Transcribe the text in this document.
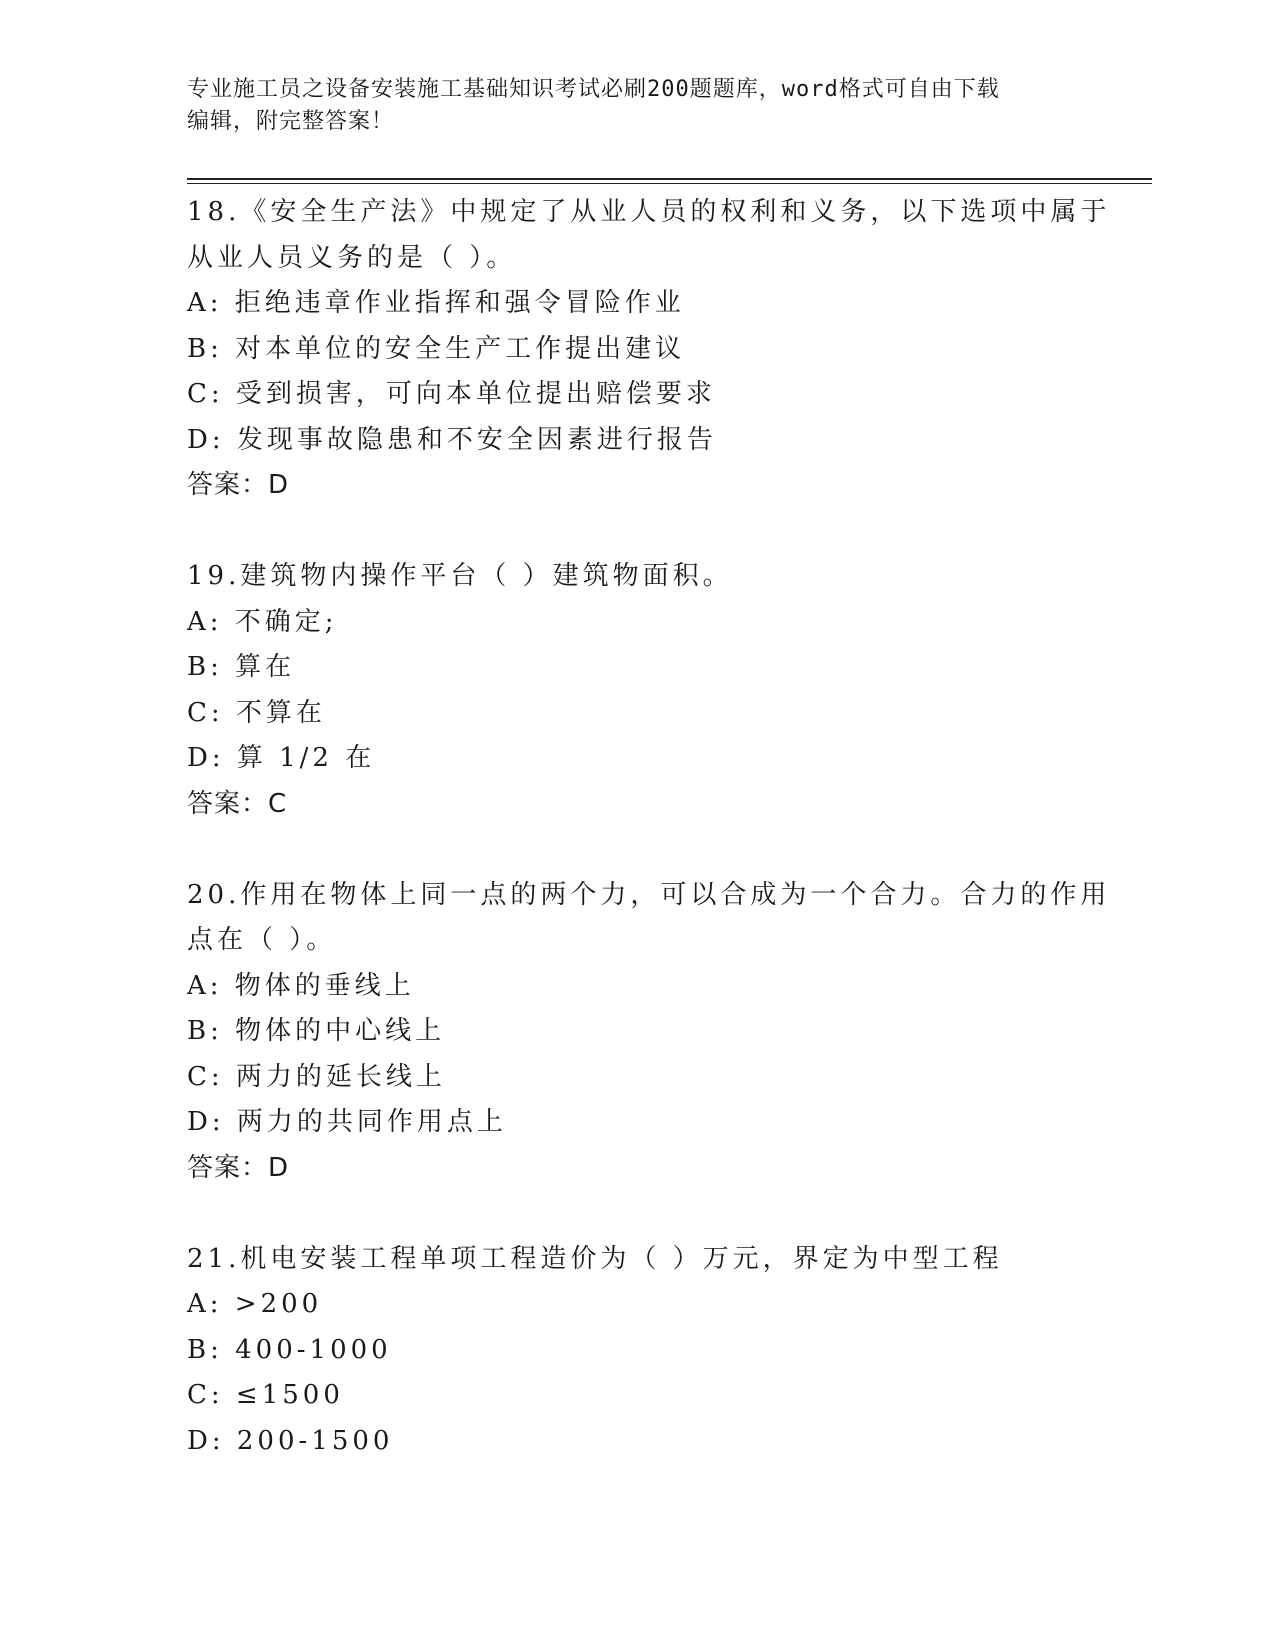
专业施工员之设备安装施工基础知识考试必刷200题题库，word格式可自由下载
编辑，附完整答案！
18.《安全生产法》中规定了从业人员的权利和义务，以下选项中属于
从业人员义务的是（ ）。
A: 拒绝违章作业指挥和强令冒险作业
B: 对本单位的安全生产工作提出建议
C: 受到损害，可向本单位提出赔偿要求
D: 发现事故隐患和不安全因素进行报告
答案：D
19.建筑物内操作平台（ ）建筑物面积。
A: 不确定;
B: 算在
C: 不算在
D: 算 1/2 在
答案：C
20.作用在物体上同一点的两个力，可以合成为一个合力。合力的作用
点在（ ）。
A: 物体的垂线上
B: 物体的中心线上
C: 两力的延长线上
D: 两力的共同作用点上
答案：D
21.机电安装工程单项工程造价为（ ）万元，界定为中型工程
A: >200
B: 400-1000
C: ≤1500
D: 200-1500
